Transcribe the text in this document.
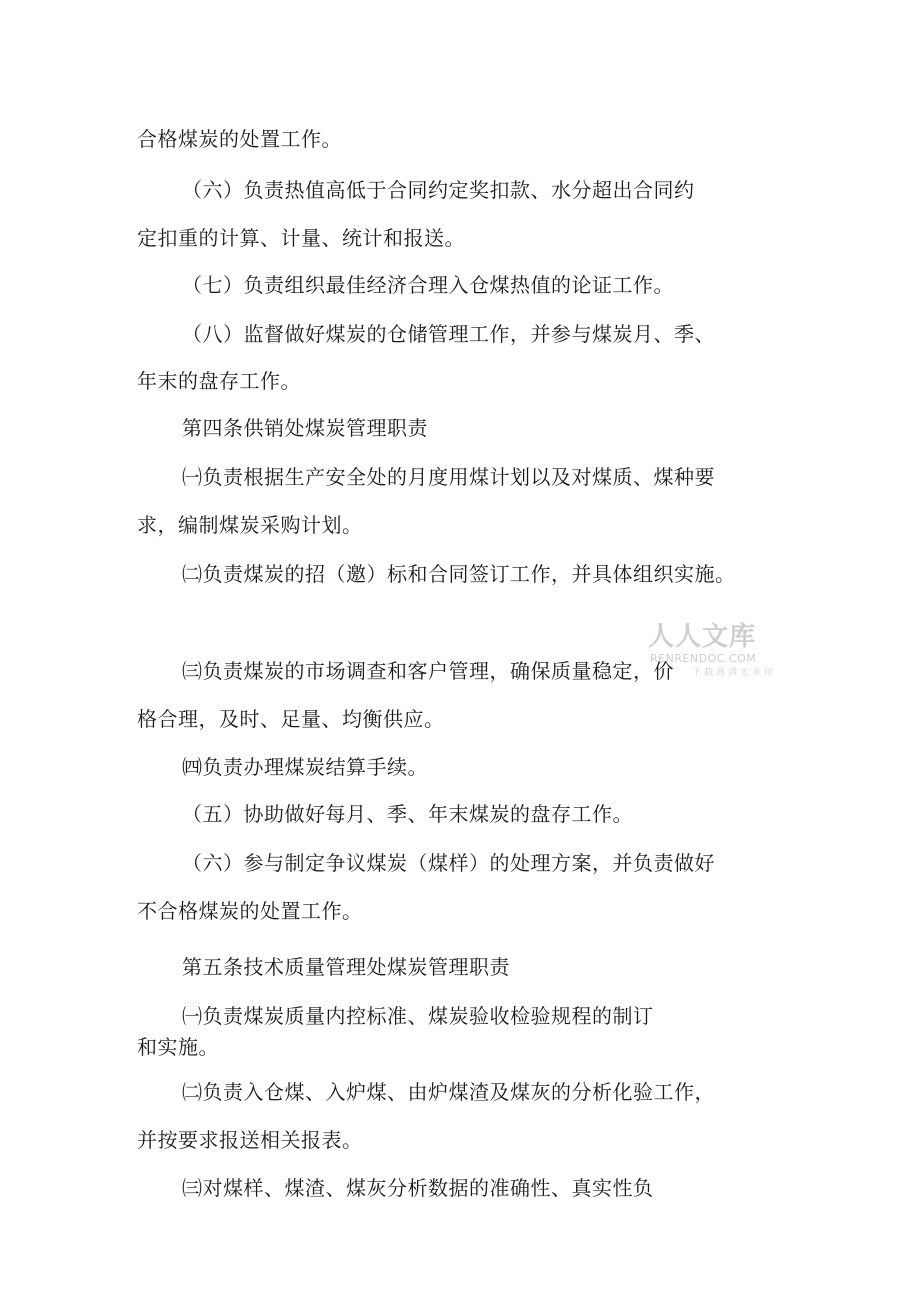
合格煤炭的处置工作。
（六）负责热值高低于合同约定奖扣款、水分超出合同约
定扣重的计算、计量、统计和报送。
（七）负责组织最佳经济合理入仓煤热值的论证工作。
（八）监督做好煤炭的仓储管理工作，并参与煤炭月、季、
年末的盘存工作。
第四条供销处煤炭管理职责
㈠负责根据生产安全处的月度用煤计划以及对煤质、煤种要
求，编制煤炭采购计划。
㈡负责煤炭的招（邀）标和合同签订工作，并具体组织实施。
㈢负责煤炭的市场调查和客户管理，确保质量稳定，价
格合理，及时、足量、均衡供应。
㈣负责办理煤炭结算手续。
（五）协助做好每月、季、年末煤炭的盘存工作。
（六）参与制定争议煤炭（煤样）的处理方案，并负责做好
不合格煤炭的处置工作。
第五条技术质量管理处煤炭管理职责
㈠负责煤炭质量内控标准、煤炭验收检验规程的制订
和实施。
㈡负责入仓煤、入炉煤、由炉煤渣及煤灰的分析化验工作，
并按要求报送相关报表。
㈢对煤样、煤渣、煤灰分析数据的准确性、真实性负
人人文库
RENRENDOC.COM
下载高清无水印
